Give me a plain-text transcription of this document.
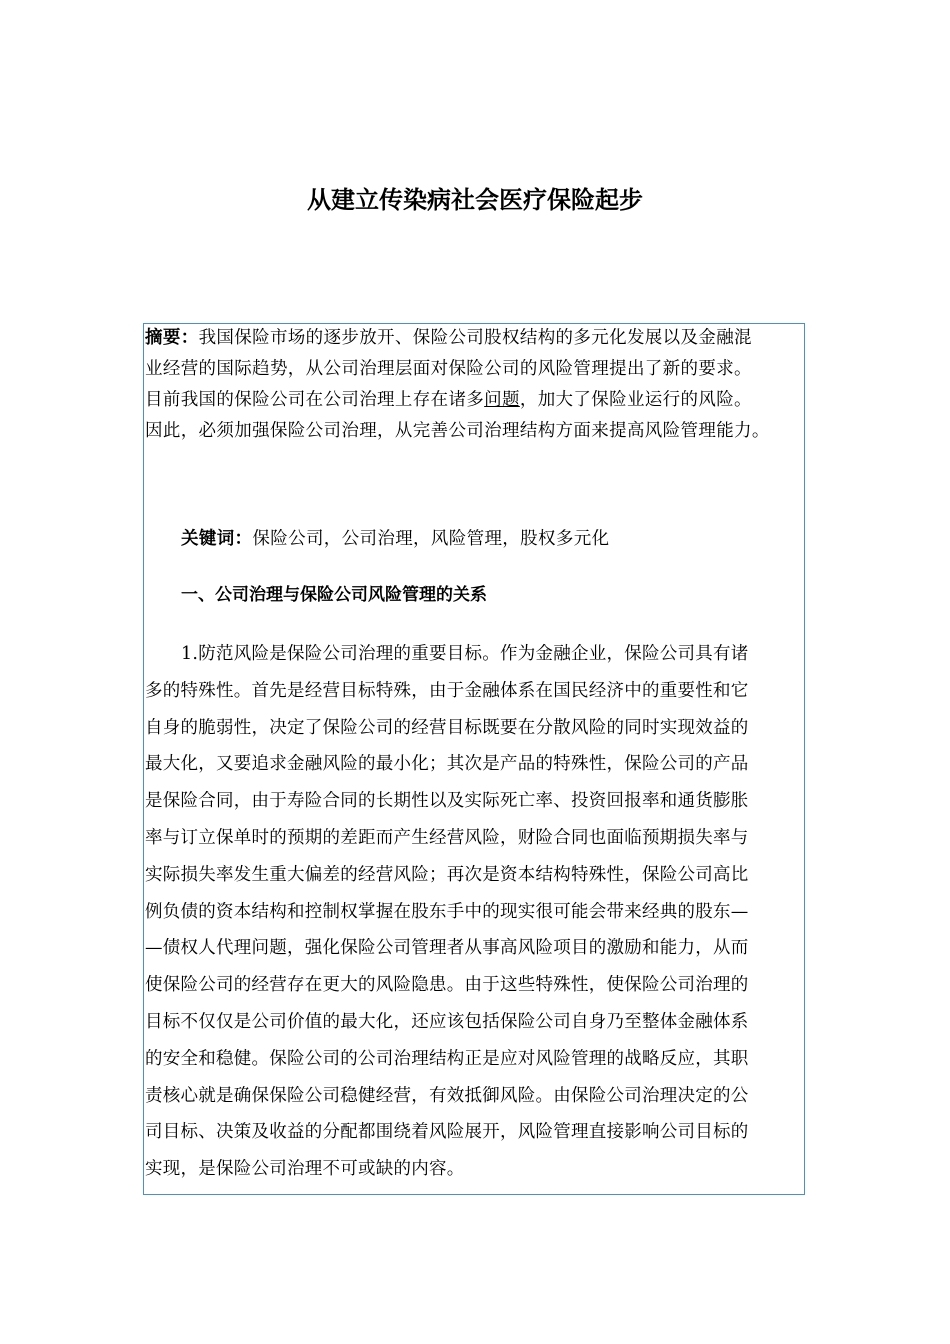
从建立传染病社会医疗保险起步

摘要：我国保险市场的逐步放开、保险公司股权结构的多元化发展以及金融混

业经营的国际趋势，从公司治理层面对保险公司的风险管理提出了新的要求。

目前我国的保险公司在公司治理上存在诸多问题，加大了保险业运行的风险。

因此，必须加强保险公司治理，从完善公司治理结构方面来提高风险管理能力。

关键词：保险公司，公司治理，风险管理，股权多元化

一、公司治理与保险公司风险管理的关系

1.防范风险是保险公司治理的重要目标。作为金融企业，保险公司具有诸

多的特殊性。首先是经营目标特殊，由于金融体系在国民经济中的重要性和它

自身的脆弱性，决定了保险公司的经营目标既要在分散风险的同时实现效益的

最大化，又要追求金融风险的最小化；其次是产品的特殊性，保险公司的产品

是保险合同，由于寿险合同的长期性以及实际死亡率、投资回报率和通货膨胀

率与订立保单时的预期的差距而产生经营风险，财险合同也面临预期损失率与

实际损失率发生重大偏差的经营风险；再次是资本结构特殊性，保险公司高比

例负债的资本结构和控制权掌握在股东手中的现实很可能会带来经典的股东—

—债权人代理问题，强化保险公司管理者从事高风险项目的激励和能力，从而

使保险公司的经营存在更大的风险隐患。由于这些特殊性，使保险公司治理的

目标不仅仅是公司价值的最大化，还应该包括保险公司自身乃至整体金融体系

的安全和稳健。保险公司的公司治理结构正是应对风险管理的战略反应，其职

责核心就是确保保险公司稳健经营，有效抵御风险。由保险公司治理决定的公

司目标、决策及收益的分配都围绕着风险展开，风险管理直接影响公司目标的

实现，是保险公司治理不可或缺的内容。
